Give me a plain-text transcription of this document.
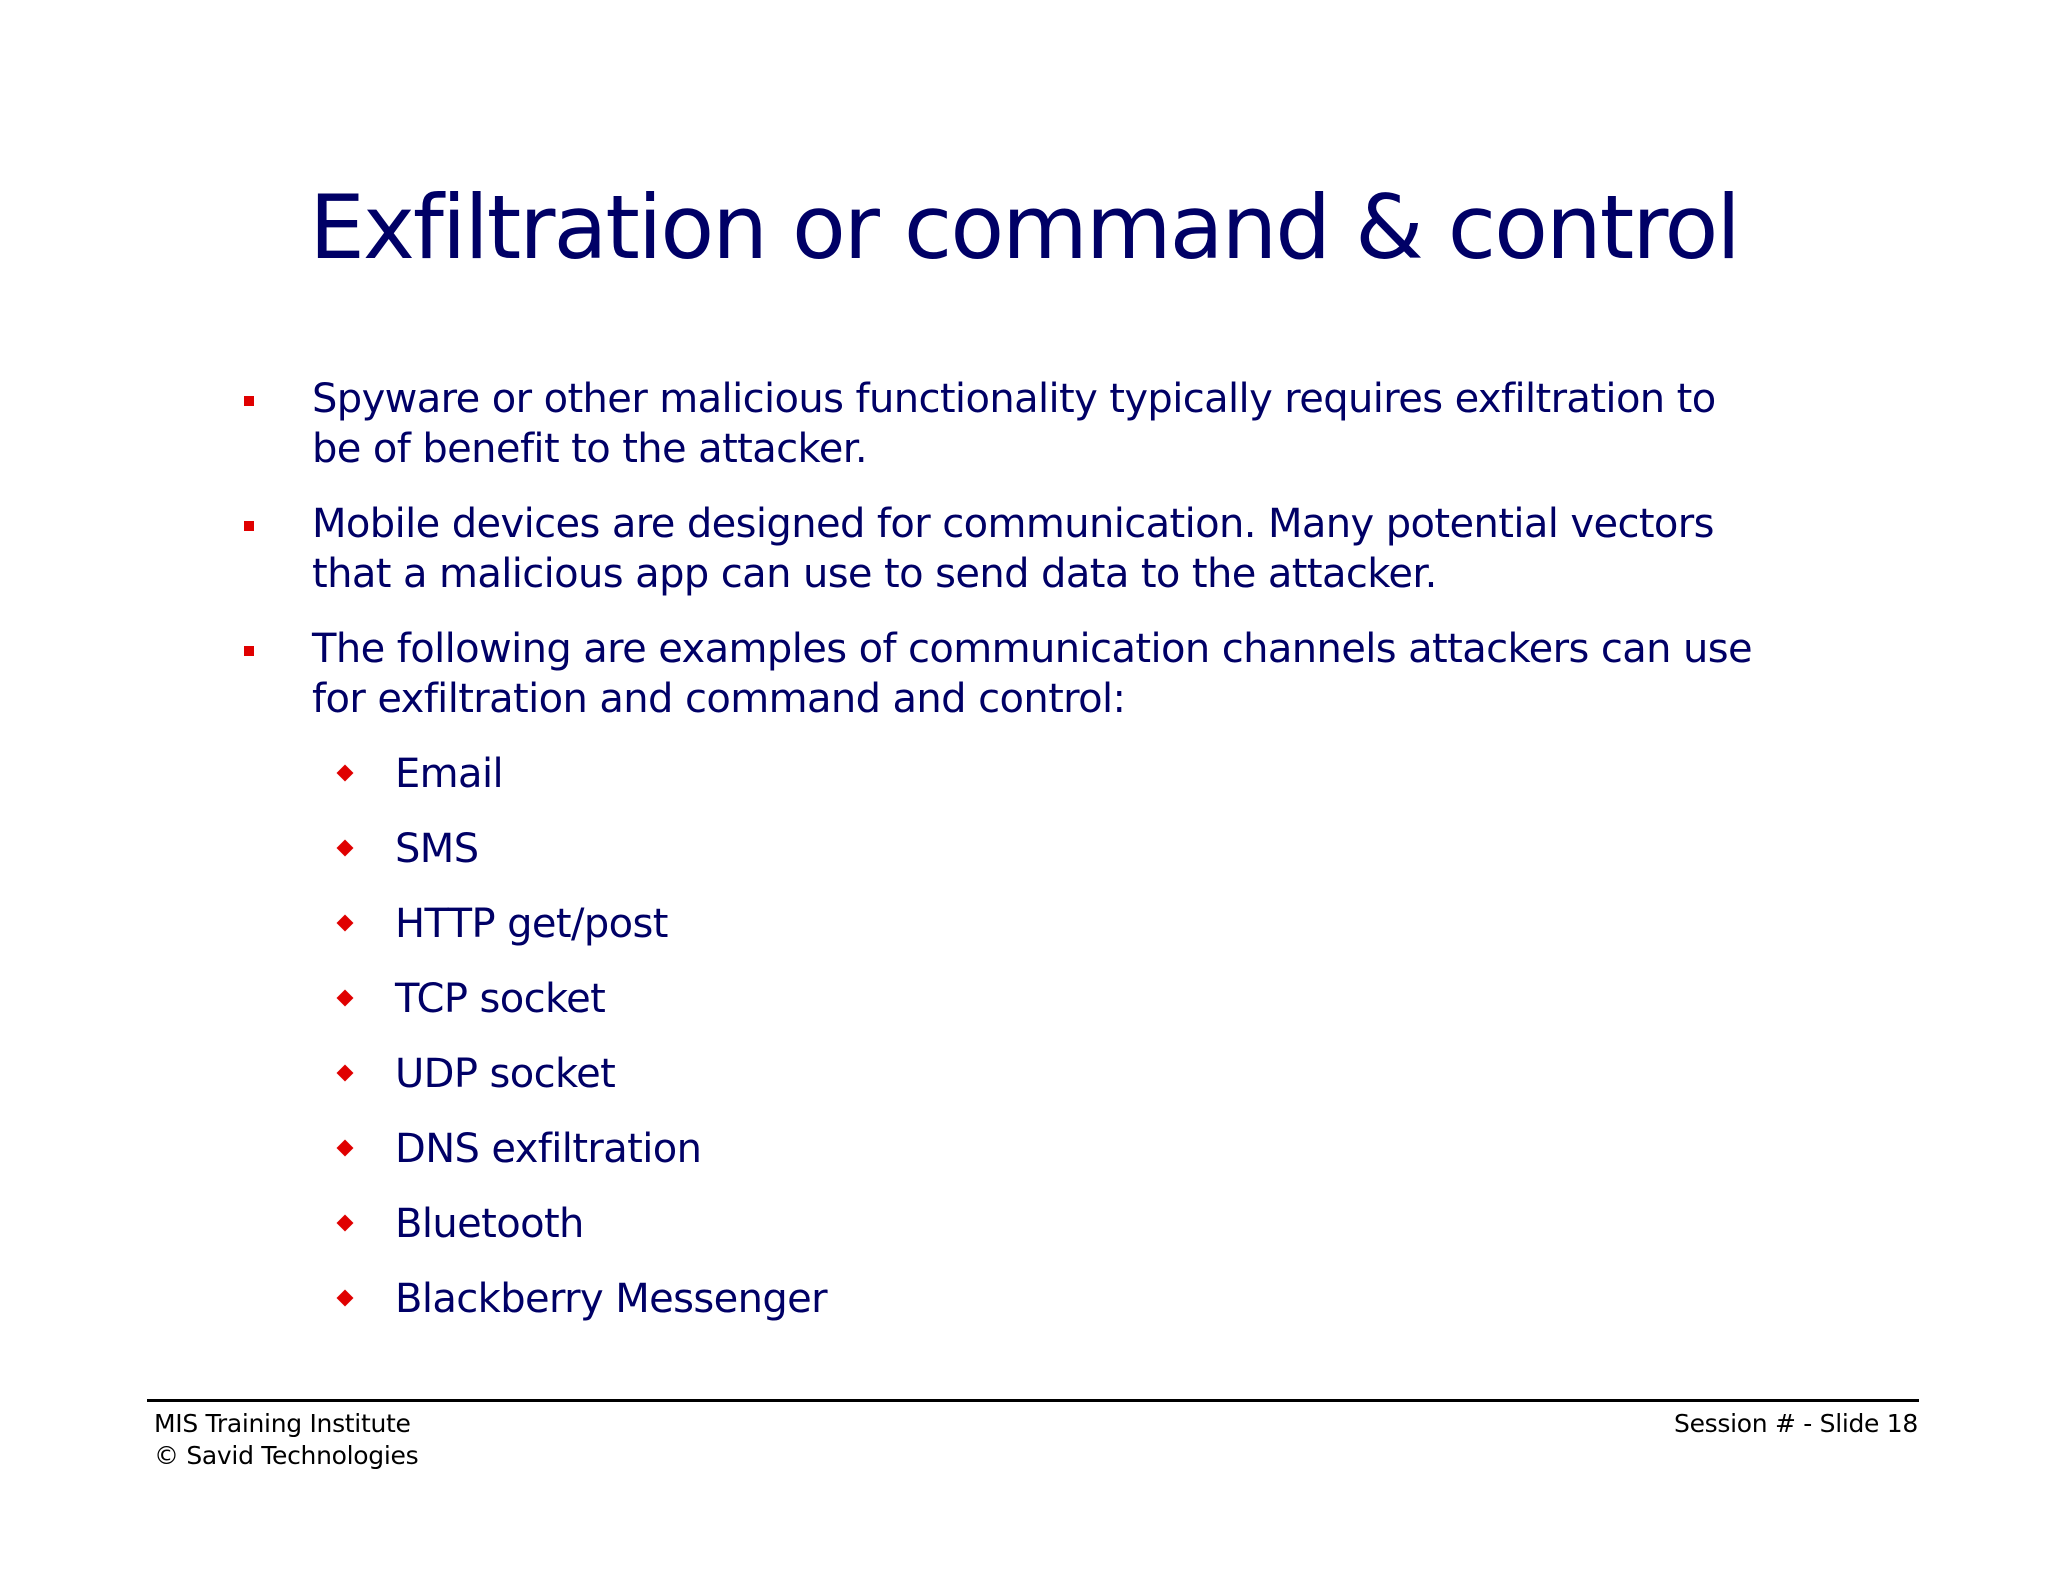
Exfiltration or command & control
Spyware or other malicious functionality typically requires exfiltration to be of benefit to the attacker.
Mobile devices are designed for communication. Many potential vectors that a malicious app can use to send data to the attacker.
The following are examples of communication channels attackers can use for exfiltration and command and control:
Email
SMS
HTTP get/post
TCP socket
UDP socket
DNS exfiltration
Bluetooth
Blackberry Messenger
MIS Training Institute
© Savid Technologies
Session # - Slide 18
